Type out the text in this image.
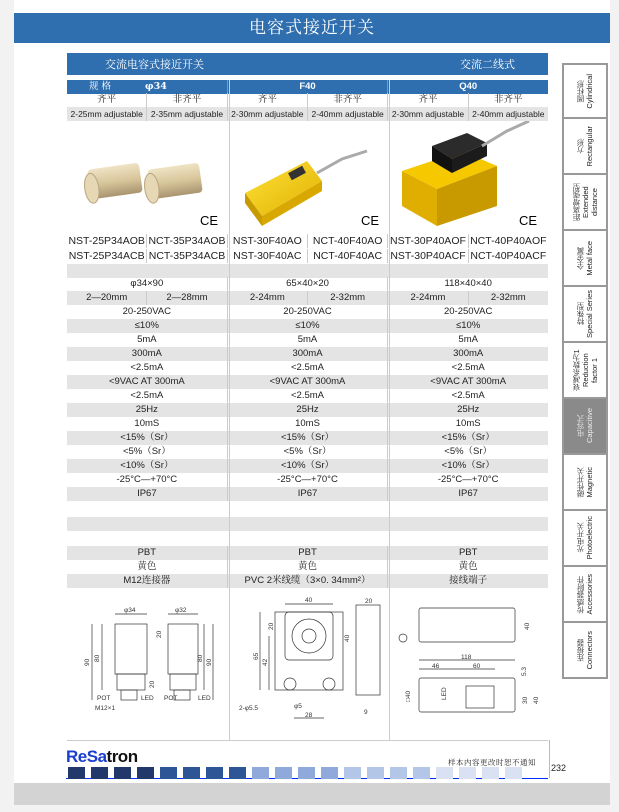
电容式接近开关
交流电容式接近开关	交流二线式
规 格	φ34	F40	Q40
齐平	非齐平	齐平	非齐平	齐平	非齐平
2-25mm adjustable 2-35mm adjustable 2-30mm adjustable 2-40mm adjustable 2-30mm adjustable 2-40mm adjustable
NST-25P34AOB NCT-35P34AOB NST-30F40AO	NCT-40F40AO NST-30P40AOF NCT-40P40AOF
NST-25P34ACB NCT-35P34ACB NST-30F40AC	NCT-40F40AC NST-30P40ACF NCT-40P40ACF
φ34×90	65×40×20	118×40×40
2—20mm	2—28mm	2-24mm	2-32mm	2-24mm	2-32mm
20-250VAC	20-250VAC	20-250VAC
≤10%	≤10%	≤10%
5mA	5mA	5mA
300mA	300mA	300mA
<2.5mA	<2.5mA	<2.5mA
<9VAC AT 300mA	<9VAC AT 300mA	<9VAC AT 300mA
<2.5mA	<2.5mA	<2.5mA
25Hz	25Hz	25Hz
10mS	10mS	10mS
<15%（Sr）	<15%（Sr）	<15%（Sr）
<5%（Sr）	<5%（Sr）	<5%（Sr）
<10%（Sr）	<10%（Sr）	<10%（Sr）
-25°C—+70°C	-25°C—+70°C	-25°C—+70°C
IP67	IP67	IP67
PBT	PBT	PBT
黄色	黄色	黄色
M12连接器	PVC 2米线缆（3×0. 34mm²）	接线端子
CE	CE	CE
φ34	φ32
90
80
20
20
80
90
POT	LED POT	LED
M12×1
40	20
65
42
20
40
2-φ5.5	φ5
28	9
40
118
46	60
5.3
□40	30 40
LED
圆柱形
Cylindrical
方形
Rectangular
距离增强型
Extended distance
全金属
Metal face
特殊型
Special Series
衰减系数为1
Reduction factor 1
电容式
Capacitive
磁性开关
Magnetic
光电开关
Photoelectric
传感器附件
Accessories
连接器
Connectors
ReSatron	样本内容更改时恕不通知
232
